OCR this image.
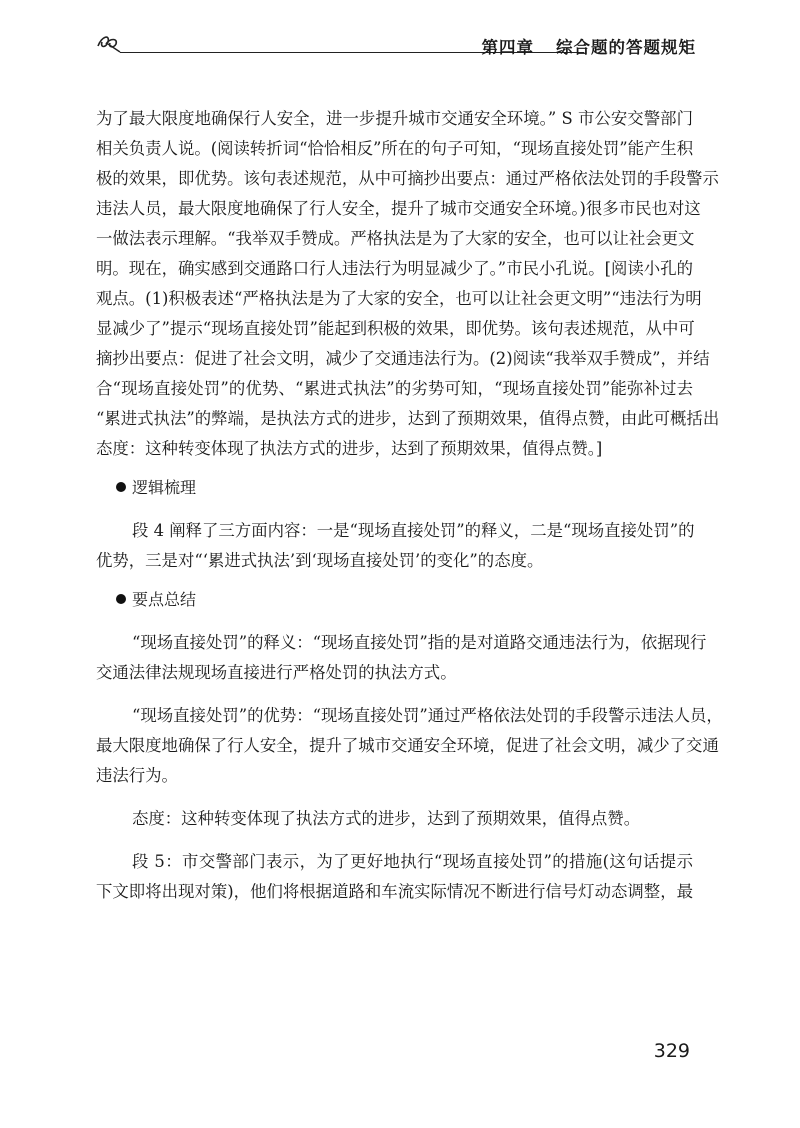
第四章 综合题的答题规矩
为了最大限度地确保行人安全，进一步提升城市交通安全环境。” S 市公安交警部门
相关负责人说。(阅读转折词“恰恰相反”所在的句子可知，“现场直接处罚”能产生积
极的效果，即优势。该句表述规范，从中可摘抄出要点：通过严格依法处罚的手段警示
违法人员，最大限度地确保了行人安全，提升了城市交通安全环境。)很多市民也对这
一做法表示理解。“我举双手赞成。严格执法是为了大家的安全，也可以让社会更文
明。现在，确实感到交通路口行人违法行为明显减少了。”市民小孔说。[阅读小孔的
观点。(1)积极表述“严格执法是为了大家的安全，也可以让社会更文明”“违法行为明
显减少了”提示“现场直接处罚”能起到积极的效果，即优势。该句表述规范，从中可
摘抄出要点：促进了社会文明，减少了交通违法行为。(2)阅读“我举双手赞成”，并结
合“现场直接处罚”的优势、“累进式执法”的劣势可知，“现场直接处罚”能弥补过去
“累进式执法”的弊端，是执法方式的进步，达到了预期效果，值得点赞，由此可概括出
态度：这种转变体现了执法方式的进步，达到了预期效果，值得点赞。]
逻辑梳理
段 4 阐释了三方面内容：一是“现场直接处罚”的释义，二是“现场直接处罚”的
优势，三是对“‘累进式执法’到‘现场直接处罚’的变化”的态度。
要点总结
“现场直接处罚”的释义：“现场直接处罚”指的是对道路交通违法行为，依据现行
交通法律法规现场直接进行严格处罚的执法方式。
“现场直接处罚”的优势：“现场直接处罚”通过严格依法处罚的手段警示违法人员，
最大限度地确保了行人安全，提升了城市交通安全环境，促进了社会文明，减少了交通
违法行为。
态度：这种转变体现了执法方式的进步，达到了预期效果，值得点赞。
段 5：市交警部门表示，为了更好地执行“现场直接处罚”的措施(这句话提示
下文即将出现对策)，他们将根据道路和车流实际情况不断进行信号灯动态调整，最
329
